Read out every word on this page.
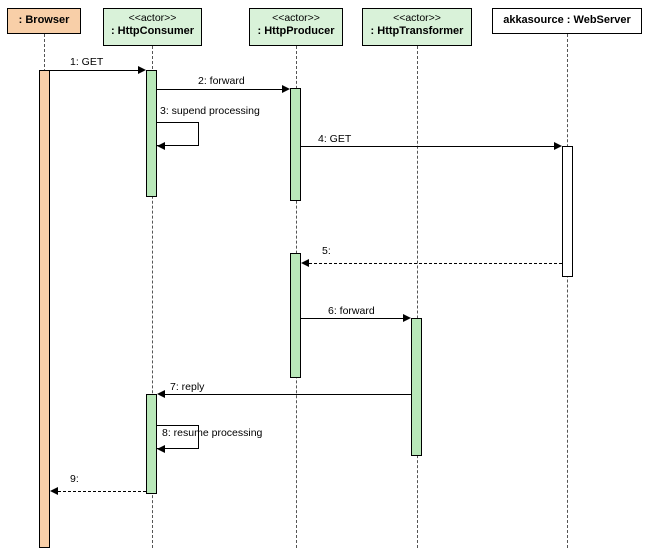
: Browser	<<actor>>
: HttpConsumer
<<actor>>
: HttpProducer
<<actor>>
: HttpTransformer
akkasource : WebServer
1: GET
2: forward
3: supend processing
4: GET
5:
6: forward
7: reply
8: resume processing
9:
